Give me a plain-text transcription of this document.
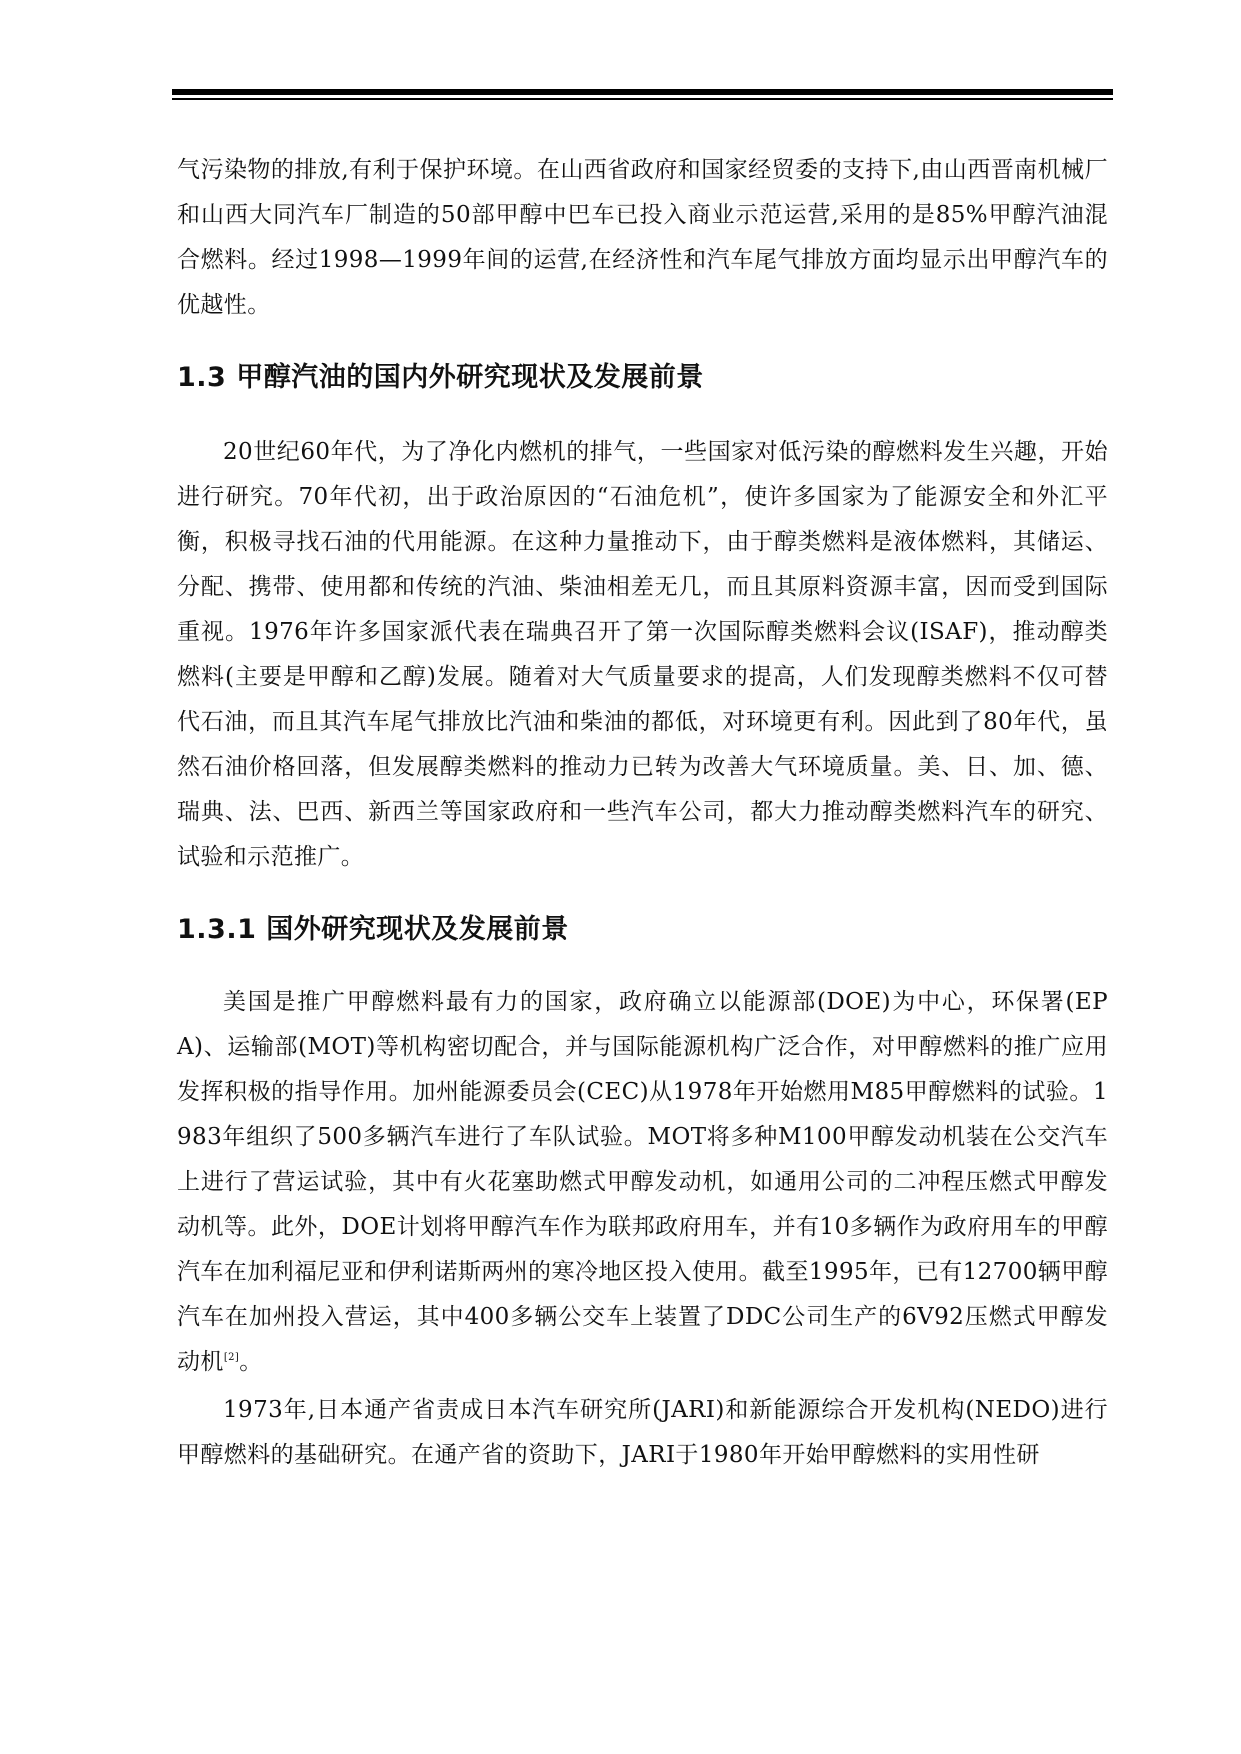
气污染物的排放,有利于保护环境。在山西省政府和国家经贸委的支持下,由山西晋南机械厂和山西大同汽车厂制造的50部甲醇中巴车已投入商业示范运营,采用的是85%甲醇汽油混合燃料。经过1998—1999年间的运营,在经济性和汽车尾气排放方面均显示出甲醇汽车的优越性。

1.3 甲醇汽油的国内外研究现状及发展前景

20世纪60年代，为了净化内燃机的排气，一些国家对低污染的醇燃料发生兴趣，开始进行研究。70年代初，出于政治原因的“石油危机”，使许多国家为了能源安全和外汇平衡，积极寻找石油的代用能源。在这种力量推动下，由于醇类燃料是液体燃料，其储运、分配、携带、使用都和传统的汽油、柴油相差无几，而且其原料资源丰富，因而受到国际重视。1976年许多国家派代表在瑞典召开了第一次国际醇类燃料会议(ISAF)，推动醇类燃料(主要是甲醇和乙醇)发展。随着对大气质量要求的提高，人们发现醇类燃料不仅可替代石油，而且其汽车尾气排放比汽油和柴油的都低，对环境更有利。因此到了80年代，虽然石油价格回落，但发展醇类燃料的推动力已转为改善大气环境质量。美、日、加、德、瑞典、法、巴西、新西兰等国家政府和一些汽车公司，都大力推动醇类燃料汽车的研究、试验和示范推广。

1.3.1 国外研究现状及发展前景

美国是推广甲醇燃料最有力的国家，政府确立以能源部(DOE)为中心，环保署(EPA)、运输部(MOT)等机构密切配合，并与国际能源机构广泛合作，对甲醇燃料的推广应用发挥积极的指导作用。加州能源委员会(CEC)从1978年开始燃用M85甲醇燃料的试验。1983年组织了500多辆汽车进行了车队试验。MOT将多种M100甲醇发动机装在公交汽车上进行了营运试验，其中有火花塞助燃式甲醇发动机，如通用公司的二冲程压燃式甲醇发动机等。此外，DOE计划将甲醇汽车作为联邦政府用车，并有10多辆作为政府用车的甲醇汽车在加利福尼亚和伊利诺斯两州的寒冷地区投入使用。截至1995年，已有12700辆甲醇汽车在加州投入营运，其中400多辆公交车上装置了DDC公司生产的6V92压燃式甲醇发动机[2]。

1973年,日本通产省责成日本汽车研究所(JARI)和新能源综合开发机构(NEDO)进行甲醇燃料的基础研究。在通产省的资助下，JARI于1980年开始甲醇燃料的实用性研
